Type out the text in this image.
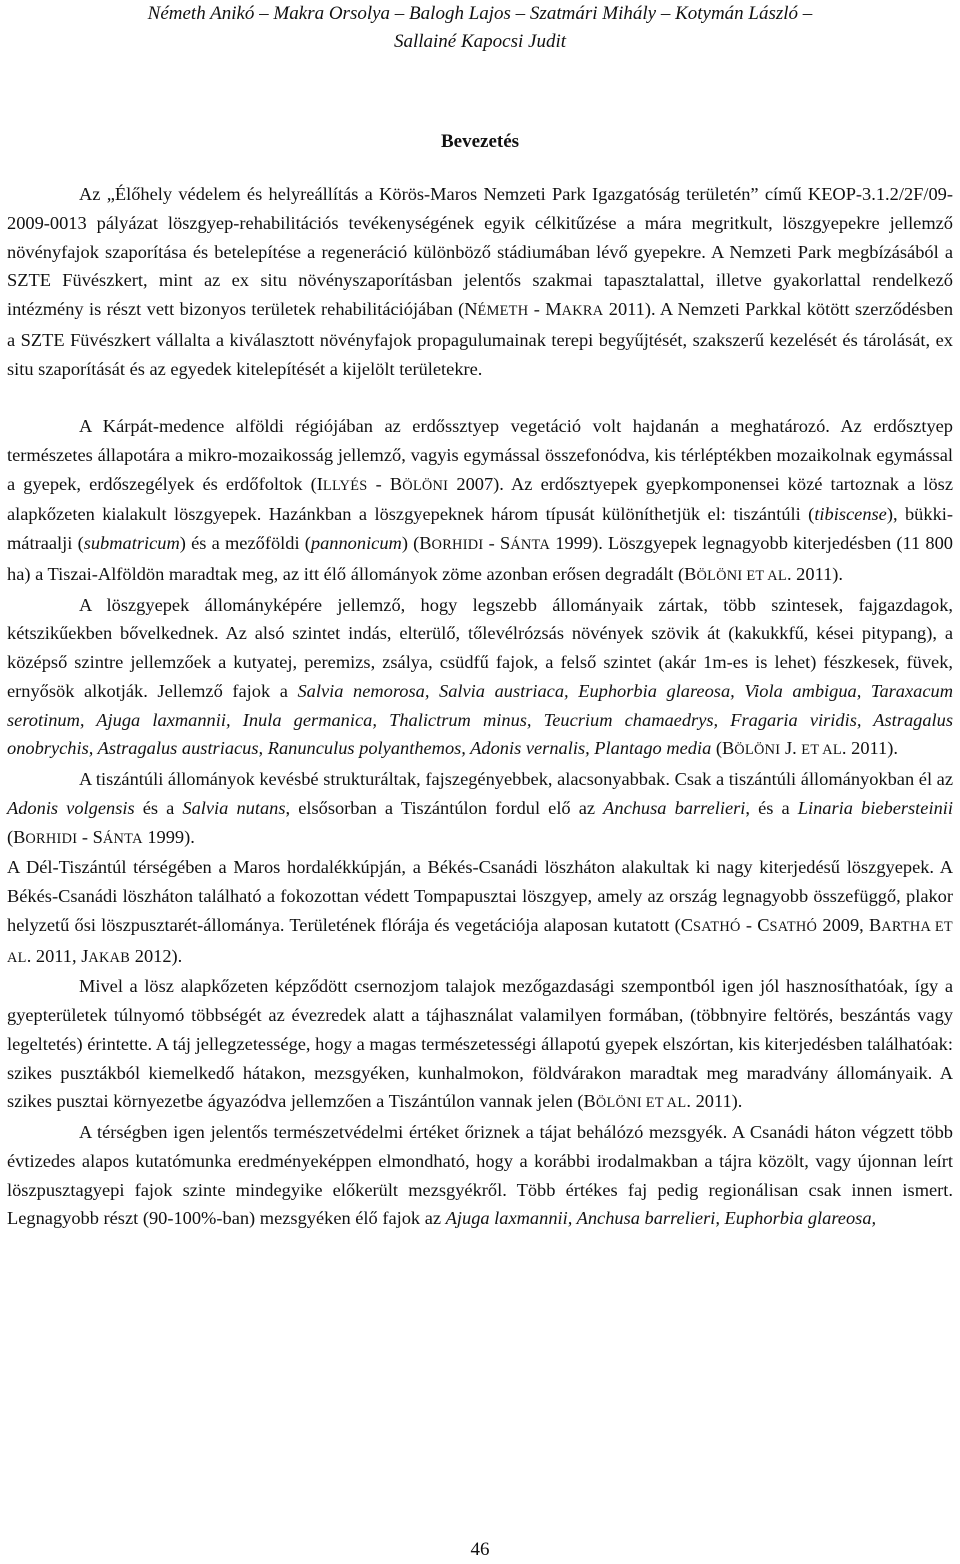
Németh Anikó – Makra Orsolya – Balogh Lajos – Szatmári Mihály – Kotymán László –
Sallainé Kapocsi Judit
Bevezetés

Az „Élőhely védelem és helyreállítás a Körös-Maros Nemzeti Park Igazgatóság területén” című KEOP-3.1.2/2F/09-2009-0013 pályázat löszgyep-rehabilitációs tevékenységének egyik célkitűzése a mára megritkult, löszgyepekre jellemző növényfajok szaporítása és betelepítése a regeneráció különböző stádiumában lévő gyepekre. A Nemzeti Park megbízásából a SZTE Füvészkert, mint az ex situ növényszaporításban jelentős szakmai tapasztalattal, illetve gyakorlattal rendelkező intézmény is részt vett bizonyos területek rehabilitációjában (NÉMETH - MAKRA 2011). A Nemzeti Parkkal kötött szerződésben a SZTE Füvészkert vállalta a kiválasztott növényfajok propagulumainak terepi begyűjtését, szakszerű kezelését és tárolását, ex situ szaporítását és az egyedek kitelepítését a kijelölt területekre.

A Kárpát-medence alföldi régiójában az erdőssztyep vegetáció volt hajdanán a meghatározó. Az erdősztyep természetes állapotára a mikro-mozaikosság jellemző, vagyis egymással összefonódva, kis térléptékben mozaikolnak egymással a gyepek, erdőszegélyek és erdőfoltok (ILLYÉS - BÖLÖNI 2007). Az erdősztyepek gyepkomponensei közé tartoznak a lösz alapkőzeten kialakult löszgyepek. Hazánkban a löszgyepeknek három típusát különíthetjük el: tiszántúli (tibiscense), bükki-mátraalji (submatricum) és a mezőföldi (pannonicum) (BORHIDI - SÁNTA 1999). Löszgyepek legnagyobb kiterjedésben (11 800 ha) a Tiszai-Alföldön maradtak meg, az itt élő állományok zöme azonban erősen degradált (BÖLÖNI ET AL. 2011).

A löszgyepek állományképére jellemző, hogy legszebb állományaik zártak, több szintesek, fajgazdagok, kétszikűekben bővelkednek. Az alsó szintet indás, elterülő, tőlevélrózsás növények szövik át (kakukkfű, kései pitypang), a középső szintre jellemzőek a kutyatej, peremizs, zsálya, csüdfű fajok, a felső szintet (akár 1m-es is lehet) fészkesek, füvek, ernyősök alkotják. Jellemző fajok a Salvia nemorosa, Salvia austriaca, Euphorbia glareosa, Viola ambigua, Taraxacum serotinum, Ajuga laxmannii, Inula germanica, Thalictrum minus, Teucrium chamaedrys, Fragaria viridis, Astragalus onobrychis, Astragalus austriacus, Ranunculus polyanthemos, Adonis vernalis, Plantago media (BÖLÖNI J. ET AL. 2011).

A tiszántúli állományok kevésbé strukturáltak, fajszegényebbek, alacsonyabbak. Csak a tiszántúli állományokban él az Adonis volgensis és a Salvia nutans, elsősorban a Tiszántúlon fordul elő az Anchusa barrelieri, és a Linaria biebersteinii (BORHIDI - SÁNTA 1999).

A Dél-Tiszántúl térségében a Maros hordalékkúpján, a Békés-Csanádi löszháton alakultak ki nagy kiterjedésű löszgyepek. A Békés-Csanádi löszháton található a fokozottan védett Tompapusztai löszgyep, amely az ország legnagyobb összefüggő, plakor helyzetű ősi löszpusztarét-állománya. Területének flórája és vegetációja alaposan kutatott (CSATHÓ - CSATHÓ 2009, BARTHA ET AL. 2011, JAKAB 2012).

Mivel a lösz alapkőzeten képződött csernozjom talajok mezőgazdasági szempontból igen jól hasznosíthatóak, így a gyepterületek túlnyomó többségét az évezredek alatt a tájhasználat valamilyen formában, (többnyire feltörés, beszántás vagy legeltetés) érintette. A táj jellegzetessége, hogy a magas természetességi állapotú gyepek elszórtan, kis kiterjedésben találhatóak: szikes pusztákból kiemelkedő hátakon, mezsgyéken, kunhalmokon, földvárakon maradtak meg maradvány állományaik. A szikes pusztai környezetbe ágyazódva jellemzően a Tiszántúlon vannak jelen (BÖLÖNI ET AL. 2011).

A térségben igen jelentős természetvédelmi értéket őriznek a tájat behálózó mezsgyék. A Csanádi háton végzett több évtizedes alapos kutatómunka eredményeképpen elmondható, hogy a korábbi irodalmakban a tájra közölt, vagy újonnan leírt löszpusztagyepi fajok szinte mindegyike előkerült mezsgyékről. Több értékes faj pedig regionálisan csak innen ismert. Legnagyobb részt (90-100%-ban) mezsgyéken élő fajok az Ajuga laxmannii, Anchusa barrelieri, Euphorbia glareosa,

46
